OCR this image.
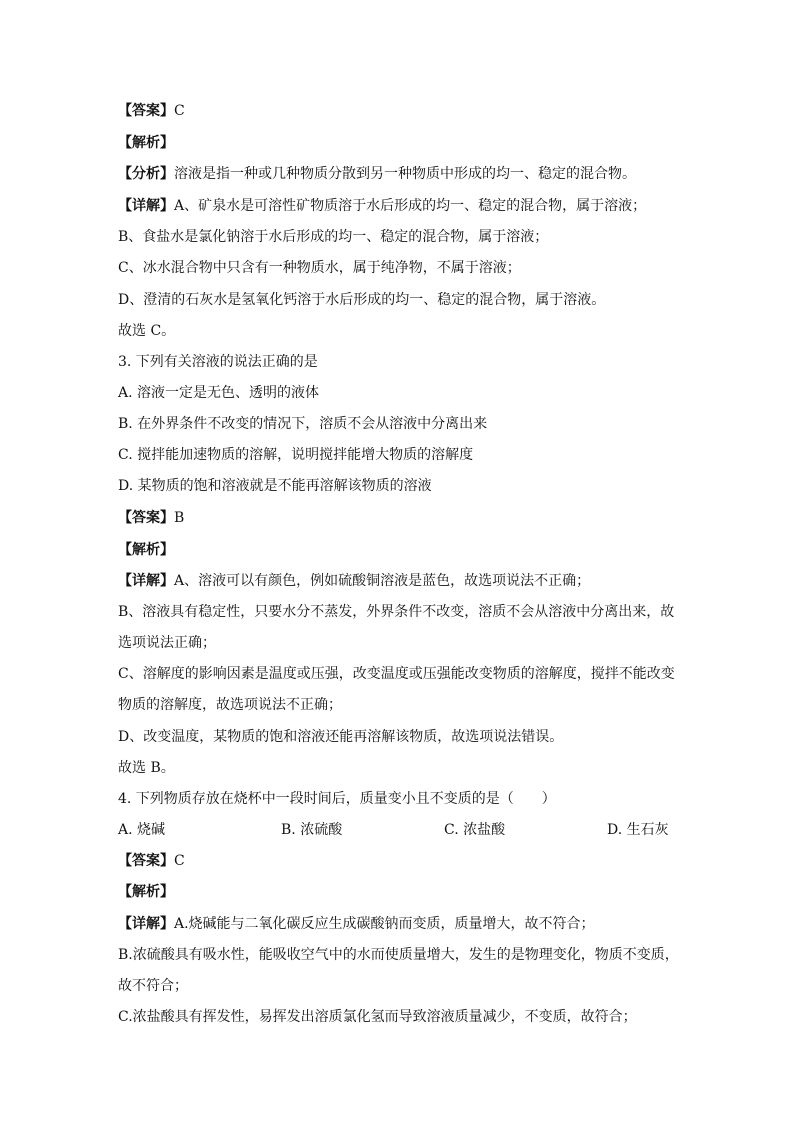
【答案】C
【解析】
【分析】溶液是指一种或几种物质分散到另一种物质中形成的均一、稳定的混合物。
【详解】A、矿泉水是可溶性矿物质溶于水后形成的均一、稳定的混合物，属于溶液；
B、食盐水是氯化钠溶于水后形成的均一、稳定的混合物，属于溶液；
C、冰水混合物中只含有一种物质水，属于纯净物，不属于溶液；
D、澄清的石灰水是氢氧化钙溶于水后形成的均一、稳定的混合物，属于溶液。
故选 C。
3. 下列有关溶液的说法正确的是
A. 溶液一定是无色、透明的液体
B. 在外界条件不改变的情况下，溶质不会从溶液中分离出来
C. 搅拌能加速物质的溶解，说明搅拌能增大物质的溶解度
D. 某物质的饱和溶液就是不能再溶解该物质的溶液
【答案】B
【解析】
【详解】A、溶液可以有颜色，例如硫酸铜溶液是蓝色，故选项说法不正确；
B、溶液具有稳定性，只要水分不蒸发，外界条件不改变，溶质不会从溶液中分离出来，故
选项说法正确；
C、溶解度的影响因素是温度或压强，改变温度或压强能改变物质的溶解度，搅拌不能改变
物质的溶解度，故选项说法不正确；
D、改变温度，某物质的饱和溶液还能再溶解该物质，故选项说法错误。
故选 B。
4. 下列物质存放在烧杯中一段时间后，质量变小且不变质的是（　　）
A. 烧碱	B. 浓硫酸	C. 浓盐酸	D. 生石灰
【答案】C
【解析】
【详解】A.烧碱能与二氧化碳反应生成碳酸钠而变质，质量增大，故不符合；
B.浓硫酸具有吸水性，能吸收空气中的水而使质量增大，发生的是物理变化，物质不变质，
故不符合；
C.浓盐酸具有挥发性，易挥发出溶质氯化氢而导致溶液质量减少，不变质，故符合；
